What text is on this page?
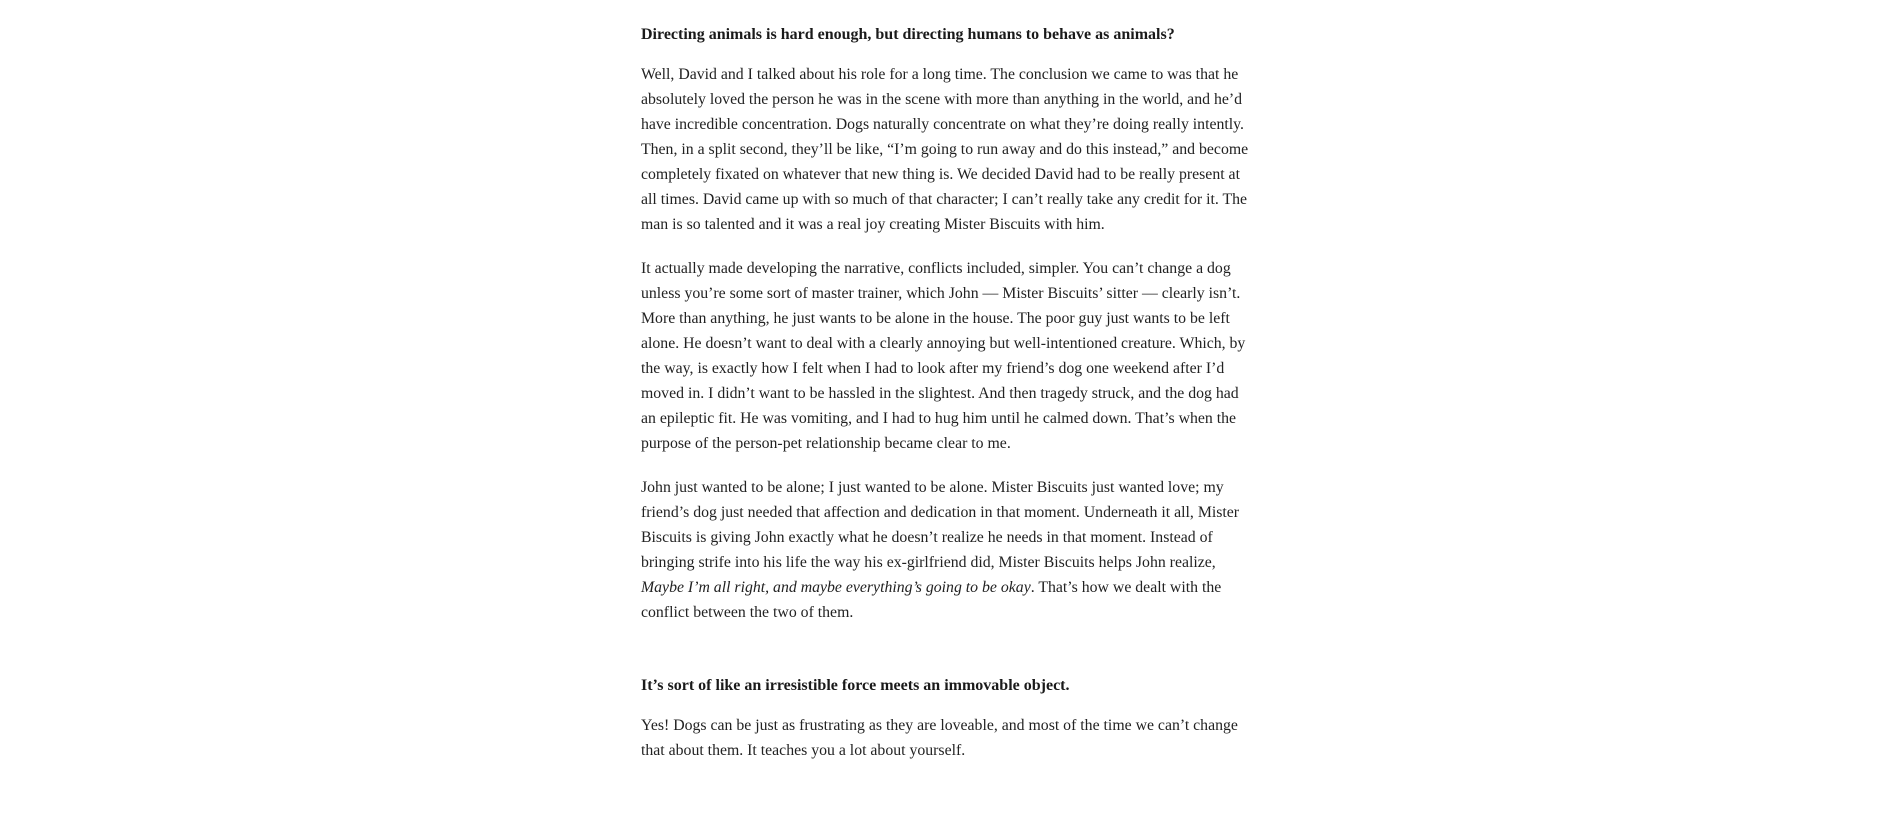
Directing animals is hard enough, but directing humans to behave as animals?

Well, David and I talked about his role for a long time. The conclusion we came to was that he absolutely loved the person he was in the scene with more than anything in the world, and he’d have incredible concentration. Dogs naturally concentrate on what they’re doing really intently. Then, in a split second, they’ll be like, “I’m going to run away and do this instead,” and become completely fixated on whatever that new thing is. We decided David had to be really present at all times. David came up with so much of that character; I can’t really take any credit for it. The man is so talented and it was a real joy creating Mister Biscuits with him.

It actually made developing the narrative, conflicts included, simpler. You can’t change a dog unless you’re some sort of master trainer, which John — Mister Biscuits’ sitter — clearly isn’t. More than anything, he just wants to be alone in the house. The poor guy just wants to be left alone. He doesn’t want to deal with a clearly annoying but well-intentioned creature. Which, by the way, is exactly how I felt when I had to look after my friend’s dog one weekend after I’d moved in. I didn’t want to be hassled in the slightest. And then tragedy struck, and the dog had an epileptic fit. He was vomiting, and I had to hug him until he calmed down. That’s when the purpose of the person-pet relationship became clear to me.

John just wanted to be alone; I just wanted to be alone. Mister Biscuits just wanted love; my friend’s dog just needed that affection and dedication in that moment. Underneath it all, Mister Biscuits is giving John exactly what he doesn’t realize he needs in that moment. Instead of bringing strife into his life the way his ex-girlfriend did, Mister Biscuits helps John realize, Maybe I’m all right, and maybe everything’s going to be okay. That’s how we dealt with the conflict between the two of them.

It’s sort of like an irresistible force meets an immovable object.

Yes! Dogs can be just as frustrating as they are loveable, and most of the time we can’t change that about them. It teaches you a lot about yourself.
